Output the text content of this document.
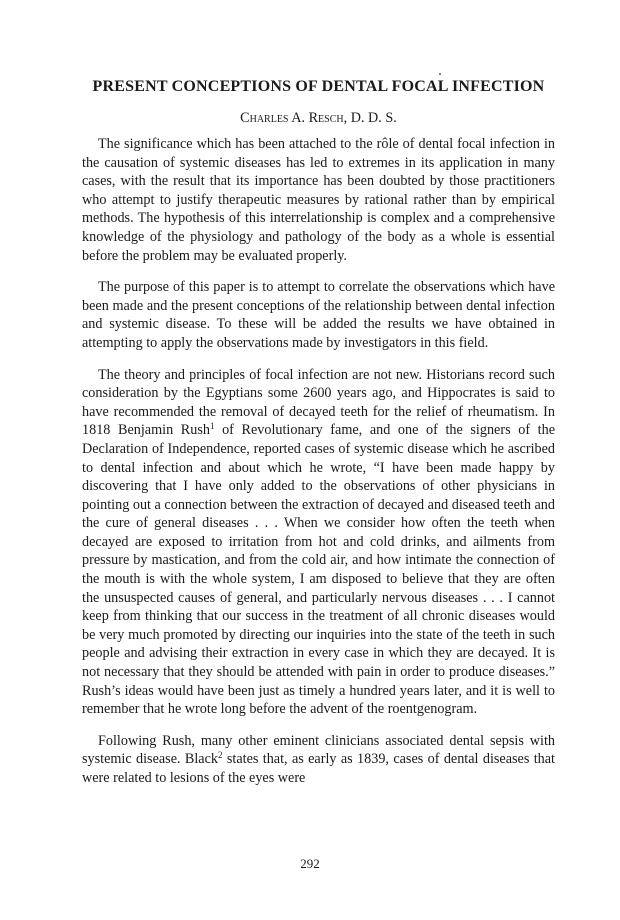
PRESENT CONCEPTIONS OF DENTAL FOCAL INFECTION
Charles A. Resch, D. D. S.

The significance which has been attached to the rôle of dental focal infection in the causation of systemic diseases has led to extremes in its application in many cases, with the result that its importance has been doubted by those practitioners who attempt to justify therapeutic measures by rational rather than by empirical methods. The hypothesis of this interrelationship is complex and a comprehensive knowledge of the physiology and pathology of the body as a whole is essential before the problem may be evaluated properly.

The purpose of this paper is to attempt to correlate the observations which have been made and the present conceptions of the relationship between dental infection and systemic disease. To these will be added the results we have obtained in attempting to apply the observations made by investigators in this field.

The theory and principles of focal infection are not new. Historians record such consideration by the Egyptians some 2600 years ago, and Hippocrates is said to have recommended the removal of decayed teeth for the relief of rheumatism. In 1818 Benjamin Rush$^1$ of Revolutionary fame, and one of the signers of the Declaration of Independence, reported cases of systemic disease which he ascribed to dental infection and about which he wrote, “I have been made happy by discovering that I have only added to the observations of other physicians in pointing out a connection between the extraction of decayed and diseased teeth and the cure of general diseases . . . When we consider how often the teeth when decayed are exposed to irritation from hot and cold drinks, and ailments from pressure by mastication, and from the cold air, and how intimate the connection of the mouth is with the whole system, I am disposed to believe that they are often the unsuspected causes of general, and particularly nervous diseases . . . I cannot keep from thinking that our success in the treatment of all chronic diseases would be very much promoted by directing our inquiries into the state of the teeth in such people and advising their extraction in every case in which they are decayed. It is not necessary that they should be attended with pain in order to produce diseases.” Rush’s ideas would have been just as timely a hundred years later, and it is well to remember that he wrote long before the advent of the roentgenogram.

Following Rush, many other eminent clinicians associated dental sepsis with systemic disease. Black$^2$ states that, as early as 1839, cases of dental diseases that were related to lesions of the eyes were

292
